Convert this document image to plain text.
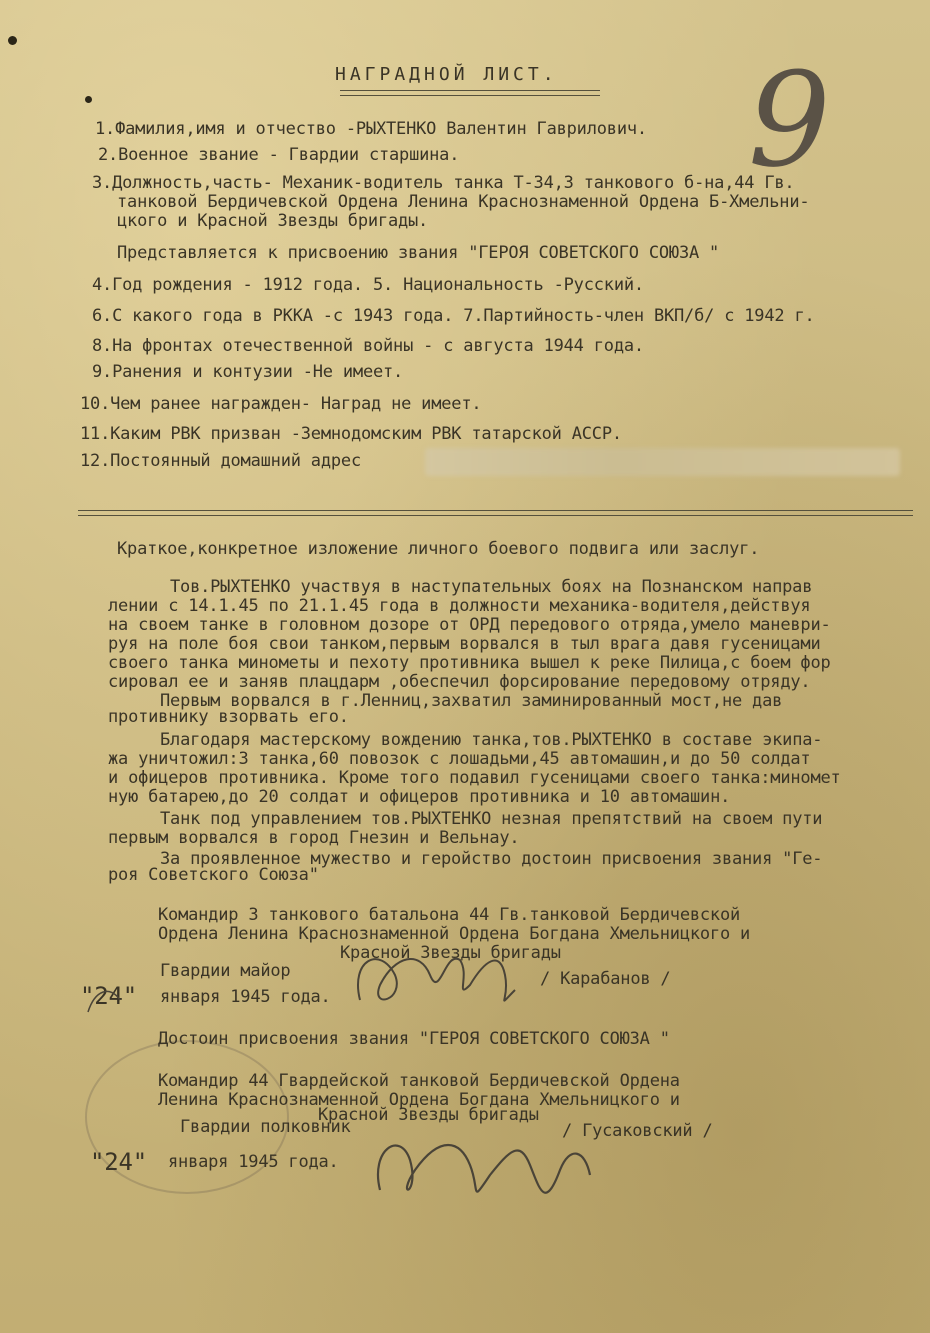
НАГРАДНОЙ ЛИСТ.
1.Фамилия,имя и отчество -РЫХТЕНКО Валентин Гаврилович.
2.Военное звание - Гвардии старшина.
3.Должность,часть- Механик-водитель танка Т-34,3 танкового б-на,44 Гв.
танковой Бердичевской Ордена Ленина Краснознаменной Ордена Б-Хмельни-
цкого и Красной Звезды бригады.
Представляется к присвоению звания "ГЕРОЯ СОВЕТСКОГО СОЮЗА "
4.Год рождения - 1912 года. 5. Национальность -Русский.
6.С какого года в РККА -с 1943 года. 7.Партийность-член ВКП/б/ с 1942 г.
8.На фронтах отечественной войны - с августа 1944 года.
9.Ранения и контузии -Не имеет.
10.Чем ранее награжден- Наград не имеет.
11.Каким РВК призван -Земнодомским РВК татарской АССР.
12.Постоянный домашний адрес
Краткое,конкретное изложение личного боевого подвига или заслуг.
Тов.РЫХТЕНКО участвуя в наступательных боях на Познанском направ
лении с 14.1.45 по 21.1.45 года в должности механика-водителя,действуя
на своем танке в головном дозоре от ОРД передового отряда,умело маневри-
руя на поле боя свои танком,первым ворвался в тыл врага давя гусеницами
своего танка минометы и пехоту противника вышел к реке Пилица,с боем фор
сировал ее и заняв плацдарм ,обеспечил форсирование передовому отряду.
Первым ворвался в г.Ленниц,захватил заминированный мост,не дав
противнику взорвать его.
Благодаря мастерскому вождению танка,тов.РЫХТЕНКО в составе экипа-
жа уничтожил:3 танка,60 повозок с лошадьми,45 автомашин,и до 50 солдат
и офицеров противника. Кроме того подавил гусеницами своего танка:миномет
ную батарею,до 20 солдат и офицеров противника и 10 автомашин.
Танк под управлением тов.РЫХТЕНКО незная препятствий на своем пути
первым ворвался в город Гнезин и Вельнау.
За проявленное мужество и геройство достоин присвоения звания "Ге-
роя Советского Союза"
Командир 3 танкового батальона 44 Гв.танковой Бердичевской
Ордена Ленина Краснознаменной Ордена Богдана Хмельницкого и
Красной Звезды бригады
Гвардии майор	/ Карабанов /
"24" января 1945 года.
Достоин присвоения звания "ГЕРОЯ СОВЕТСКОГО СОЮЗА "
Командир 44 Гвардейской танковой Бердичевской Ордена
Ленина Краснознаменной Ордена Богдана Хмельницкого и
Красной Звезды бригады
Гвардии полковник	/ Гусаковский /
"24" января 1945 года.
9
